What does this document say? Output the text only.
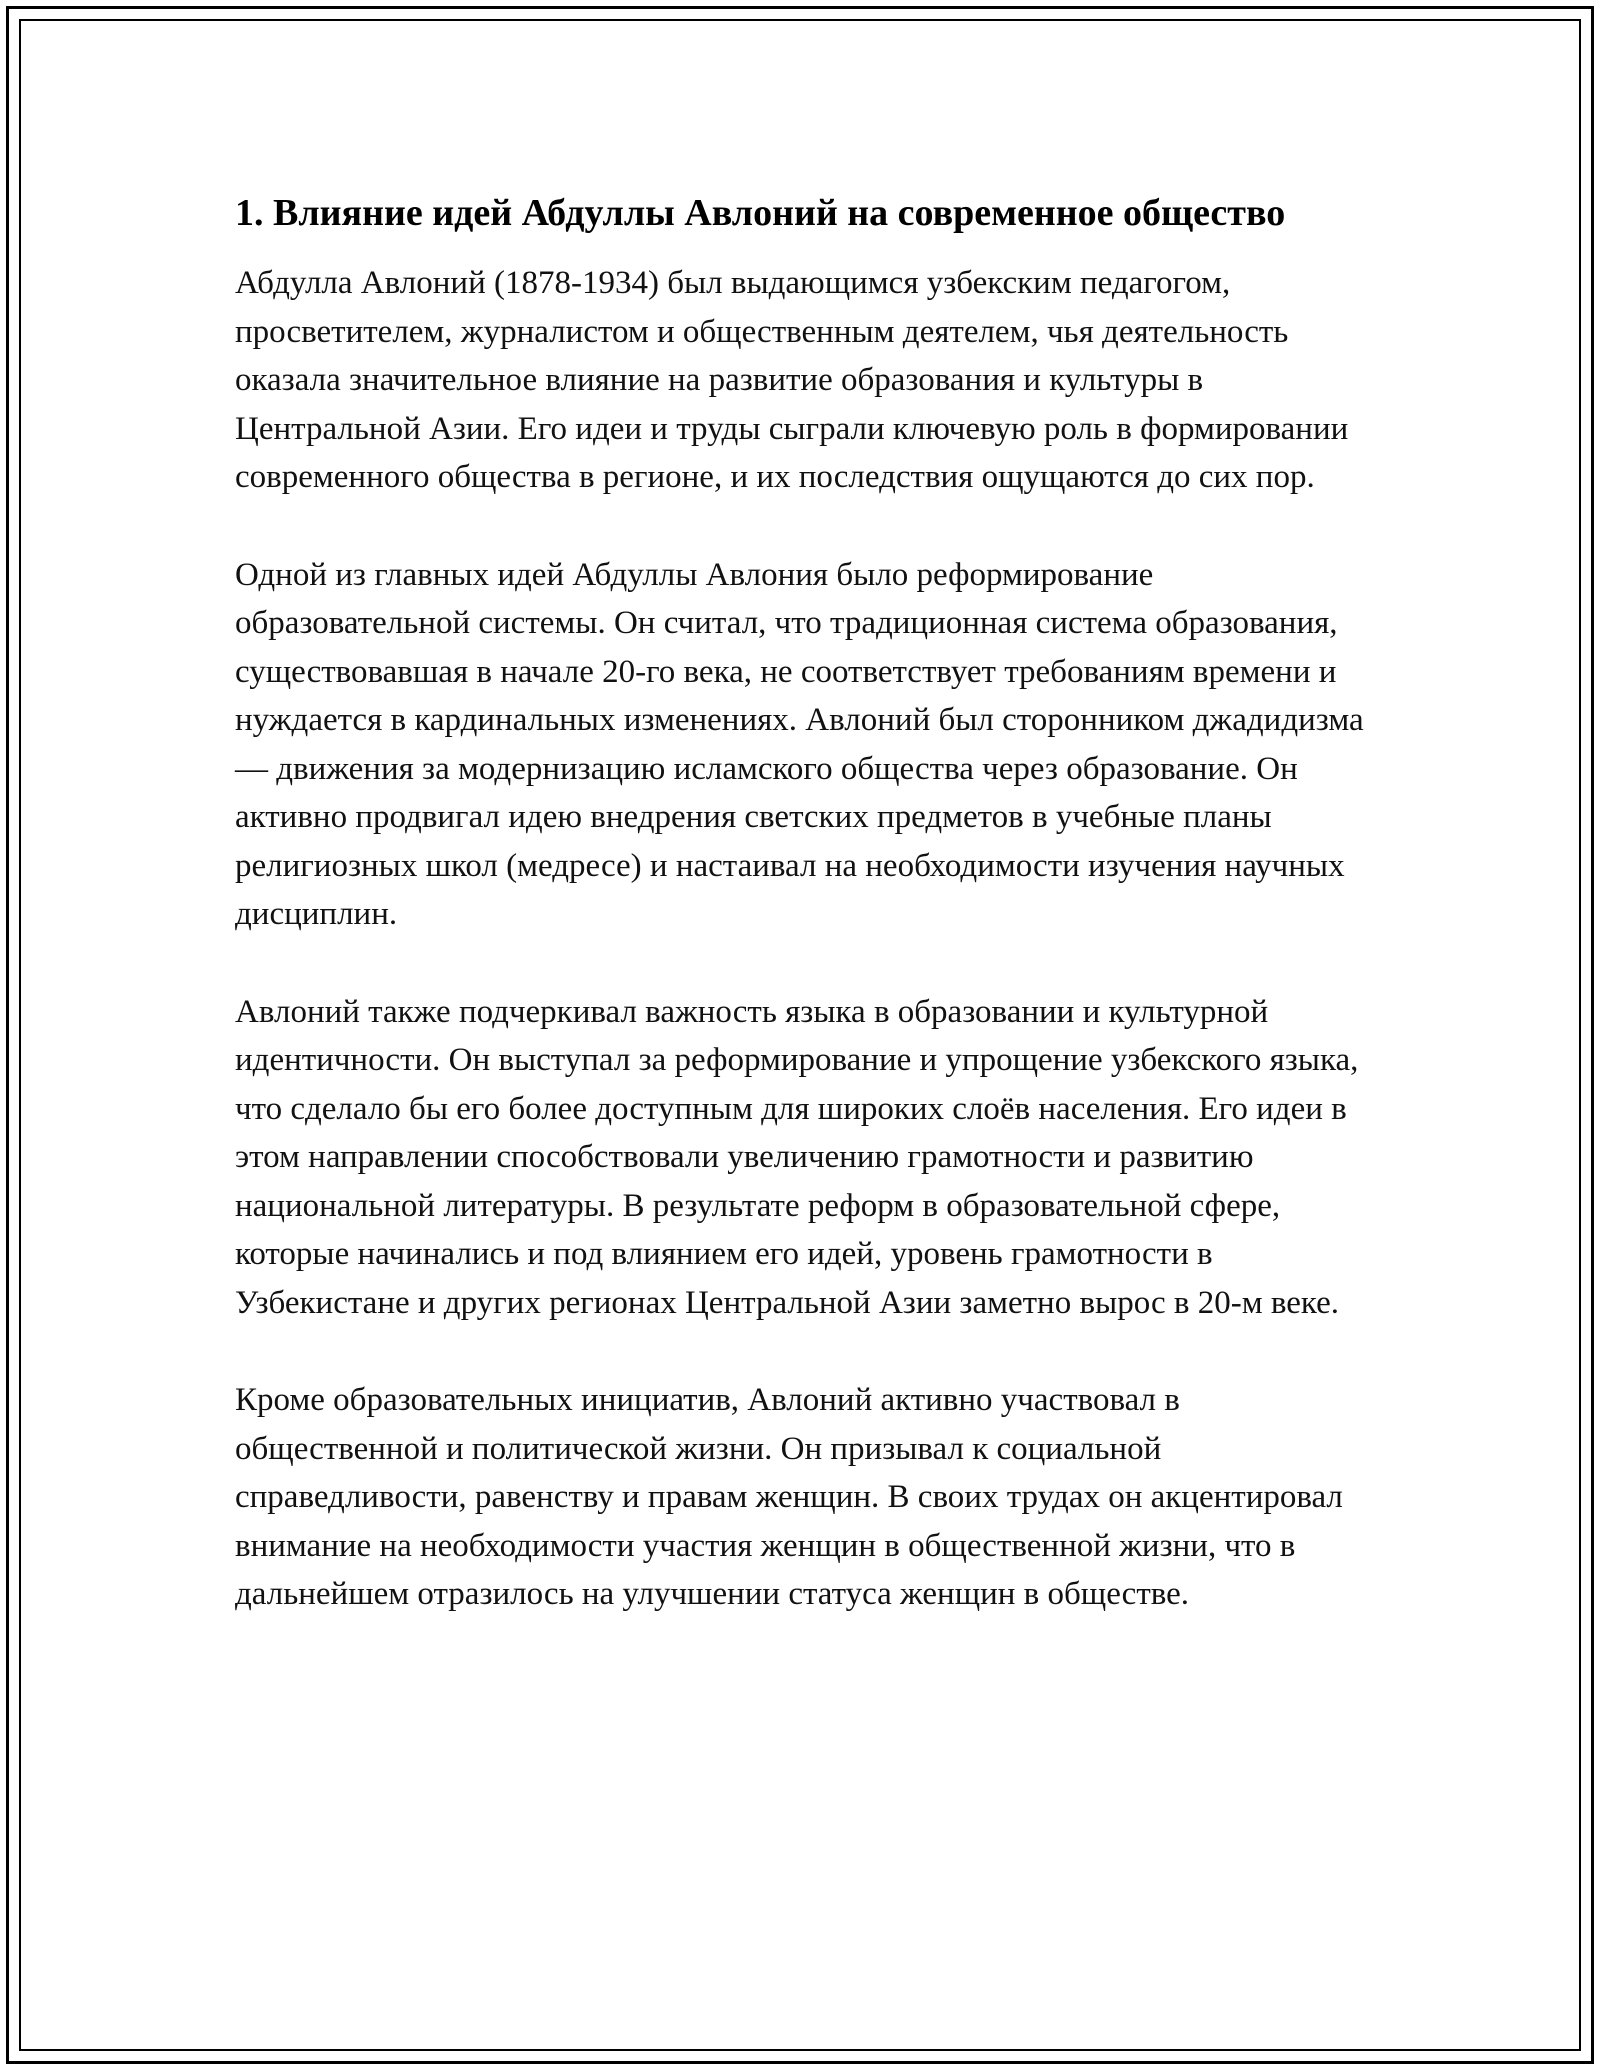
1. Влияние идей Абдуллы Авлоний на современное общество

Абдулла Авлоний (1878-1934) был выдающимся узбекским педагогом, просветителем, журналистом и общественным деятелем, чья деятельность оказала значительное влияние на развитие образования и культуры в Центральной Азии. Его идеи и труды сыграли ключевую роль в формировании современного общества в регионе, и их последствия ощущаются до сих пор.

Одной из главных идей Абдуллы Авлония было реформирование образовательной системы. Он считал, что традиционная система образования, существовавшая в начале 20-го века, не соответствует требованиям времени и нуждается в кардинальных изменениях. Авлоний был сторонником джадидизма — движения за модернизацию исламского общества через образование. Он активно продвигал идею внедрения светских предметов в учебные планы религиозных школ (медресе) и настаивал на необходимости изучения научных дисциплин.

Авлоний также подчеркивал важность языка в образовании и культурной идентичности. Он выступал за реформирование и упрощение узбекского языка, что сделало бы его более доступным для широких слоёв населения. Его идеи в этом направлении способствовали увеличению грамотности и развитию национальной литературы. В результате реформ в образовательной сфере, которые начинались и под влиянием его идей, уровень грамотности в Узбекистане и других регионах Центральной Азии заметно вырос в 20-м веке.

Кроме образовательных инициатив, Авлоний активно участвовал в общественной и политической жизни. Он призывал к социальной справедливости, равенству и правам женщин. В своих трудах он акцентировал внимание на необходимости участия женщин в общественной жизни, что в дальнейшем отразилось на улучшении статуса женщин в обществе.
